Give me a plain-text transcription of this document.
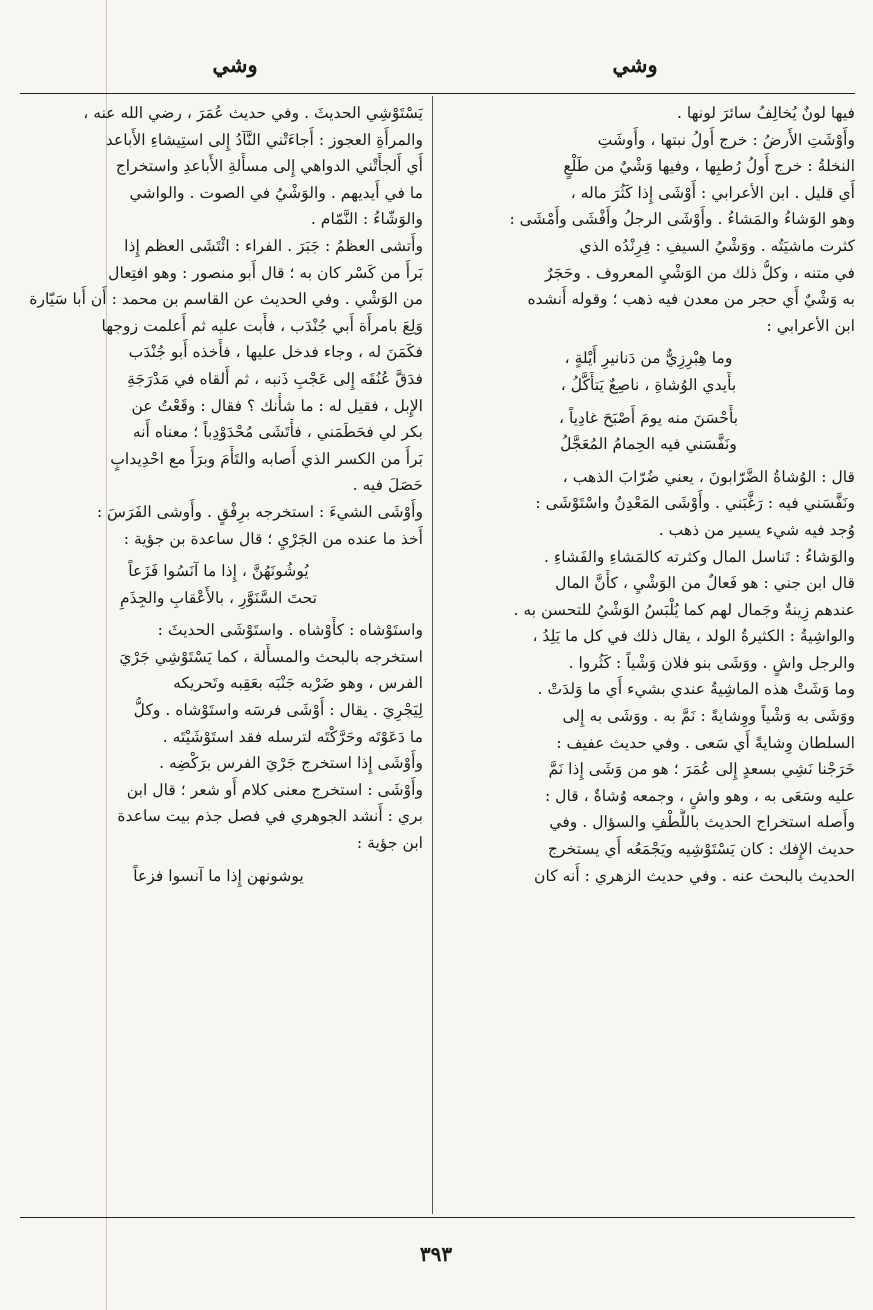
وشي
وشي
فيها لونٌ يُخالِفُ سائرَ لونها .
وأَوْشَتِ الأَرضُ : خرج أَولُ نبتها ، وأَوشَتِ
النخلةُ : خرج أَولُ رُطبِها ، وفيها وَشْيٌ من طَلْعٍ
أَي قليل . ابن الأعرابي : أَوْشَى إِذا كَثُرَ ماله ،
وهو الوَشاءُ والمَشاءُ . وأَوْشَى الرجلُ وأَفْشَى وأَمْشَى :
كثرت ماشيَتُه . ووَشْيُ السيفِ : فِرِنْدُه الذي
في متنه ، وكلُّ ذلك من الوَشْيِ المعروف . وحَجَرٌ
به وَشْيٌ أَي حجر من معدن فيه ذهب ؛ وقوله أَنشده
ابن الأعرابي :
وما هِبْرِزِيٌّ من دَنانيرِ أَيْلةٍ ،
بأَيدي الوُشاةِ ، ناصِعٌ يَتأَكَّلُ ،
بأَحْسَنَ منه يومَ أَصْبَحَ غادِياً ،
ونَفَّسَني فيه الحِمامُ المُعَجَّلُ
قال : الوُشاةُ الضَّرّابونَ ، يعني ضُرّابَ الذهب ،
ونَفَّسَني فيه : رَغَّبَني . وأَوْشَى المَعْدِنُ واسْتَوْشَى :
وُجد فيه شيء يسير من ذهب .
والوَشاءُ : تَناسل المال وكثرته كالمَشاءِ والفَشاءِ .
قال ابن جني : هو فَعالٌ من الوَشْيِ ، كأَنَّ المال
عندهم زِينةٌ وجَمال لهم كما يُلْبَسُ الوَشْيُ للتحسن به .
والواشِيةُ : الكثيرةُ الولد ، يقال ذلك في كل ما يَلِدُ ،
والرجل واشٍ . ووَشَى بنو فلان وَشْياً : كَثُروا .
وما وَشَتْ هذه الماشِيةُ عندي بشيء أَي ما وَلدَتْ .
ووَشَى به وَشْياً ووِشايةً : نَمَّ به . ووَشَى به إِلى
السلطان وِشايةً أَي سَعى . وفي حديث عفيف :
خَرَجْنا نَشِي بسعدٍ إِلى عُمَرَ ؛ هو من وَشَى إِذا نَمَّ
عليه وسَعَى به ، وهو واشٍ ، وجمعه وُشاةٌ ، قال :
وأَصله استخراج الحديث باللُّطْفِ والسؤال . وفي
حديث الإِفك : كان يَسْتَوْشِيه ويَجْمَعُه أَي يستخرج
الحديث بالبحث عنه . وفي حديث الزهري : أَنه كان
يَسْتَوْشِي الحديثَ . وفي حديث عُمَرَ ، رضي الله عنه ،
والمرأَةِ العجوز : أَجاءَتْني النَّآدُ إِلى استِيشاءِ الأَباعد
أَي أَلجأَتْني الدواهي إِلى مسأَلةِ الأَباعدِ واستخراج
ما في أَيديهم . والوَشْيُ في الصوت . والواشي
والوَشّاءُ : النَّمّام .
وأَتشى العظمُ : جَبَرَ . الفراء : ائْتَشَى العظم إِذا
بَرأَ من كَسْر كان به ؛ قال أَبو منصور : وهو افتِعال
من الوَشْي . وفي الحديث عن القاسم بن محمد : أَن أَبا سَيّارة
وَلِعَ بامرأَة أَبي جُنْدَب ، فأَبت عليه ثم أَعلمت زوجها
فكَمَنَ له ، وجاء فدخل عليها ، فأَخذه أَبو جُنْدَب
فدَقَّ عُنُقَه إِلى عَجْبِ ذَنبه ، ثم أَلقاه في مَدْرَجَةِ
الإِبل ، فقيل له : ما شأْنك ؟ فقال : وقَعْتُ عن
بكر لي فحَطَمَني ، فأْتَشَى مُحْدَوْدِباً ؛ معناه أَنه
بَرأَ من الكسر الذي أَصابه والتَأَمَ وبرَأَ مع احْدِيدابٍ
حَصَلَ فيه .
وأَوْشَى الشيءَ : استخرجه برِفْقٍ . وأَوشى الفَرَسَ :
أَخذ ما عنده من الجَرْيِ ؛ قال ساعدة بن جؤية :
يُوشُونَهُنَّ ، إِذا ما آنَسُوا فَزَعاً
تحتَ السَّنَوَّرِ ، بالأَعْقابِ والجِذَمِ
واستَوْشاه : كأَوْشاه . واستَوْشَى الحديثَ :
استخرجه بالبحث والمسأَلة ، كما يَسْتَوْشِي جَرْيَ
الفرس ، وهو ضَرْبه جَنْبَه بعَقِبه وتَحريكه
لِيَجْرِيَ . يقال : أَوْشَى فرسَه واستَوْشاه . وكلُّ
ما دَعَوْتَه وحَرَّكْتَه لترسله فقد استَوْشَيْتَه .
وأَوْشَى إِذا استخرج جَرْيَ الفرس برَكْضِه .
وأَوْشَى : استخرج معنى كلام أَو شعر ؛ قال ابن
بري : أَنشد الجوهري في فصل جذم بيت ساعدة
ابن جؤية :
يوشونهن إِذا ما آنسوا فزعاً
٣٩٣
